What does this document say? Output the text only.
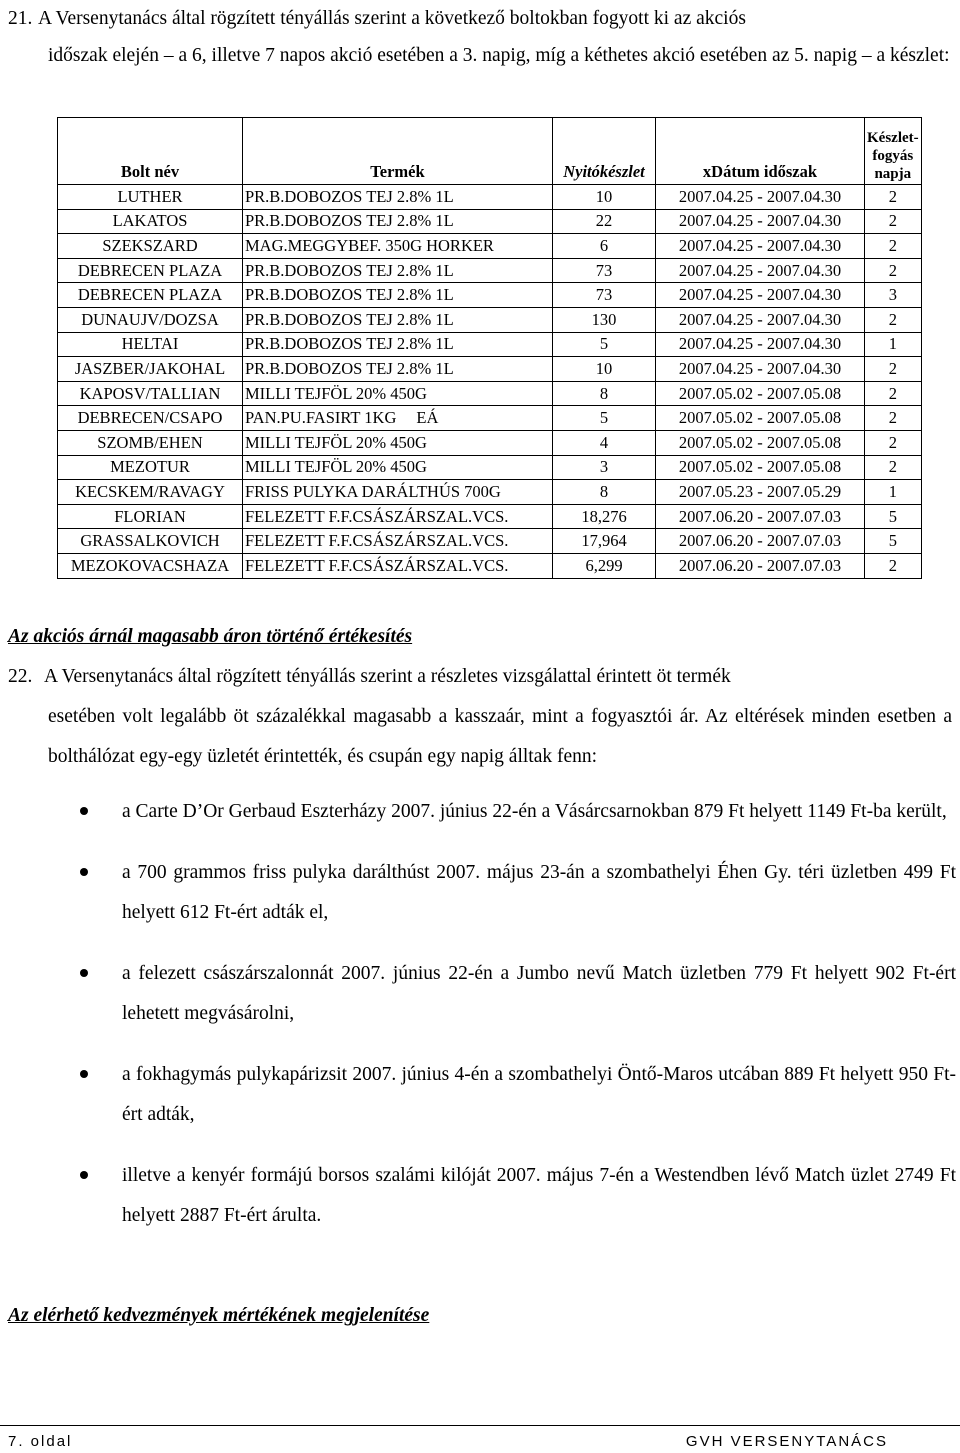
21. A Versenytanács által rögzített tényállás szerint a következő boltokban fogyott ki az akciós
időszak elején – a 6, illetve 7 napos akció esetében a 3. napig, míg a kéthetes akció esetében az 5. napig – a készlet:
Bolt név	Termék	Nyitókészlet	xDátum időszak	Készlet-
fogyás
napja

LUTHER	PR.B.DOBOZOS TEJ 2.8% 1L	10	2007.04.25 - 2007.04.30	2
LAKATOS	PR.B.DOBOZOS TEJ 2.8% 1L	22	2007.04.25 - 2007.04.30	2
SZEKSZARD	MAG.MEGGYBEF. 350G HORKER	6	2007.04.25 - 2007.04.30	2
DEBRECEN PLAZA	PR.B.DOBOZOS TEJ 2.8% 1L	73	2007.04.25 - 2007.04.30	2
DEBRECEN PLAZA	PR.B.DOBOZOS TEJ 2.8% 1L	73	2007.04.25 - 2007.04.30	3
DUNAUJV/DOZSA	PR.B.DOBOZOS TEJ 2.8% 1L	130	2007.04.25 - 2007.04.30	2
HELTAI	PR.B.DOBOZOS TEJ 2.8% 1L	5	2007.04.25 - 2007.04.30	1
JASZBER/JAKOHAL	PR.B.DOBOZOS TEJ 2.8% 1L	10	2007.04.25 - 2007.04.30	2
KAPOSV/TALLIAN	MILLI TEJFÖL 20% 450G	8	2007.05.02 - 2007.05.08	2
DEBRECEN/CSAPO	PAN.PU.FASIRT 1KG EÁ	5	2007.05.02 - 2007.05.08	2
SZOMB/EHEN	MILLI TEJFÖL 20% 450G	4	2007.05.02 - 2007.05.08	2
MEZOTUR	MILLI TEJFÖL 20% 450G	3	2007.05.02 - 2007.05.08	2
KECSKEM/RAVAGY	FRISS PULYKA DARÁLTHÚS 700G	8	2007.05.23 - 2007.05.29	1
FLORIAN	FELEZETT F.F.CSÁSZÁRSZAL.VCS.	18,276	2007.06.20 - 2007.07.03	5
GRASSALKOVICH	FELEZETT F.F.CSÁSZÁRSZAL.VCS.	17,964	2007.06.20 - 2007.07.03	5
MEZOKOVACSHAZA	FELEZETT F.F.CSÁSZÁRSZAL.VCS.	6,299	2007.06.20 - 2007.07.03	2
Az akciós árnál magasabb áron történő értékesítés
22. A Versenytanács által rögzített tényállás szerint a részletes vizsgálattal érintett öt termék
esetében volt legalább öt százalékkal magasabb a kasszaár, mint a fogyasztói ár. Az eltérések minden esetben a bolthálózat egy-egy üzletét érintették, és csupán egy napig álltak fenn:
a Carte D’Or Gerbaud Eszterházy 2007. június 22-én a Vásárcsarnokban 879 Ft helyett 1149 Ft-ba került,
a 700 grammos friss pulyka darálthúst 2007. május 23-án a szombathelyi Éhen Gy. téri üzletben 499 Ft helyett 612 Ft-ért adták el,
a felezett császárszalonnát 2007. június 22-én a Jumbo nevű Match üzletben 779 Ft helyett 902 Ft-ért lehetett megvásárolni,
a fokhagymás pulykapárizsit 2007. június 4-én a szombathelyi Öntő-Maros utcában 889 Ft helyett 950 Ft-ért adták,
illetve a kenyér formájú borsos szalámi kilóját 2007. május 7-én a Westendben lévő Match üzlet 2749 Ft helyett 2887 Ft-ért árulta.
Az elérhető kedvezmények mértékének megjelenítése
7. oldal	GVH VERSENYTANÁCS
